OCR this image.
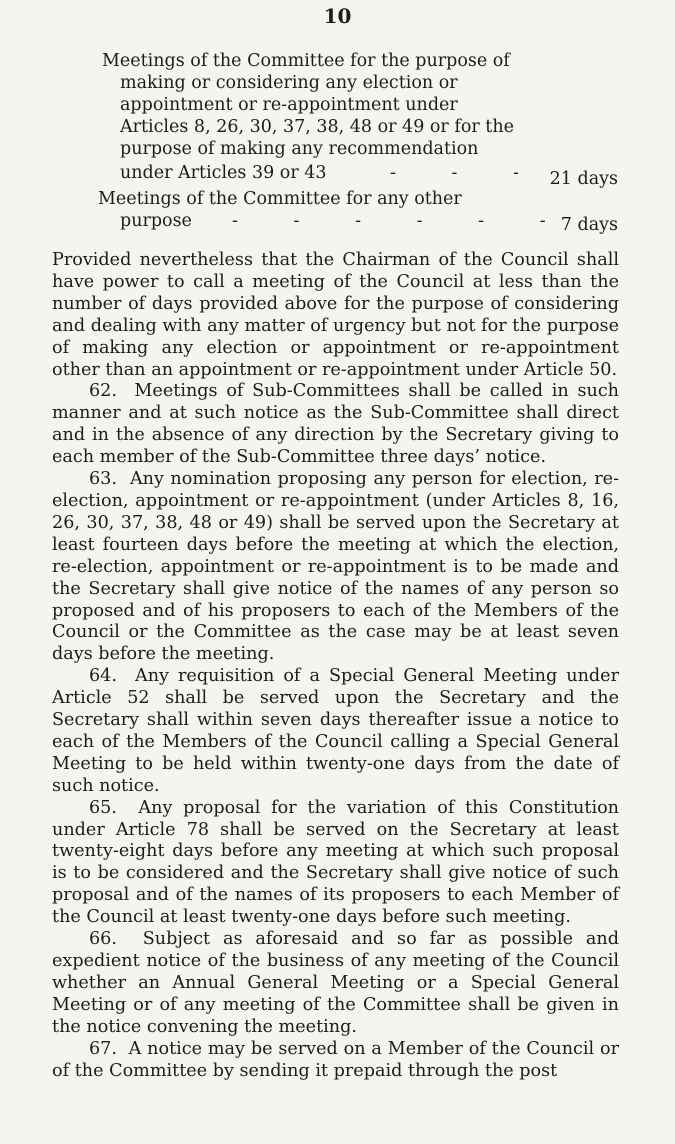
10
Meetings of the Committee for the purpose of
making or considering any election or
appointment or re-appointment under
Articles 8, 26, 30, 37, 38, 48 or 49 or for the
purpose of making any recommendation
under Articles 39 or 43	-          -          - 21 days
Meetings of the Committee for any other
purpose -          -          -          -          -          - 7 days

Provided nevertheless that the Chairman of the Council shall have power to call a meeting of the Council at less than the number of days provided above for the purpose of considering and dealing with any matter of urgency but not for the purpose of making any election or appointment or re-appointment other than an appointment or re-appointment under Article 50.

62. Meetings of Sub-Committees shall be called in such manner and at such notice as the Sub-Committee shall direct and in the absence of any direction by the Secretary giving to each member of the Sub-Committee three days’ notice.

63. Any nomination proposing any person for election, re-election, appointment or re-appointment (under Articles 8, 16, 26, 30, 37, 38, 48 or 49) shall be served upon the Secretary at least fourteen days before the meeting at which the election, re-election, appointment or re-appointment is to be made and the Secretary shall give notice of the names of any person so proposed and of his proposers to each of the Members of the Council or the Committee as the case may be at least seven days before the meeting.

64. Any requisition of a Special General Meeting under Article 52 shall be served upon the Secretary and the Secretary shall within seven days thereafter issue a notice to each of the Members of the Council calling a Special General Meeting to be held within twenty-one days from the date of such notice.

65. Any proposal for the variation of this Constitution under Article 78 shall be served on the Secretary at least twenty-eight days before any meeting at which such proposal is to be considered and the Secretary shall give notice of such proposal and of the names of its proposers to each Member of the Council at least twenty-one days before such meeting.

66. Subject as aforesaid and so far as possible and expedient notice of the business of any meeting of the Council whether an Annual General Meeting or a Special General Meeting or of any meeting of the Committee shall be given in the notice convening the meeting.

67. A notice may be served on a Member of the Council or of the Committee by sending it prepaid through the post
